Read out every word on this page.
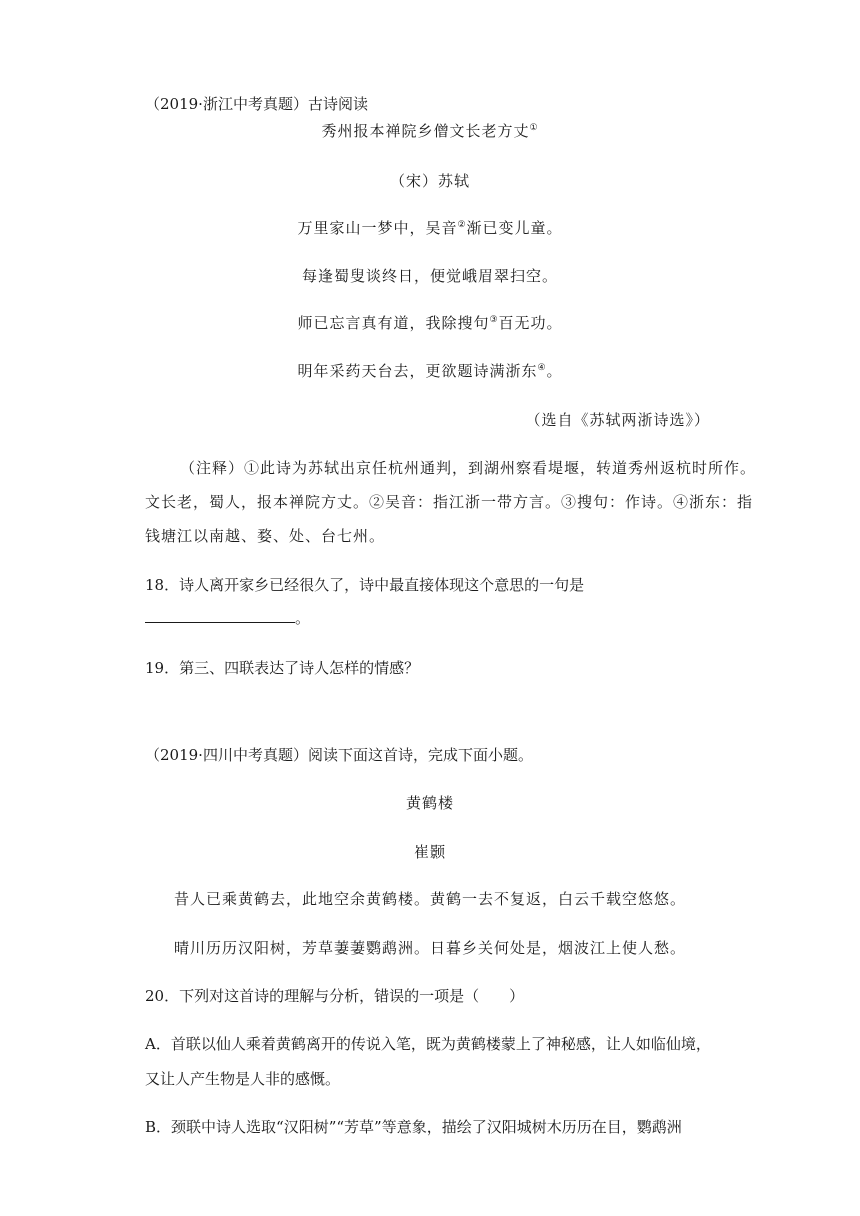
（2019·浙江中考真题）古诗阅读
秀州报本禅院乡僧文长老方丈①
（宋）苏轼
万里家山一梦中，吴音②渐已变儿童。
每逢蜀叟谈终日，便觉峨眉翠扫空。
师已忘言真有道，我除搜句③百无功。
明年采药天台去，更欲题诗满浙东④。
（选自《苏轼两浙诗选》）
（注释）①此诗为苏轼出京任杭州通判，到湖州察看堤堰，转道秀州返杭时所作。
文长老，蜀人，报本禅院方丈。②吴音：指江浙一带方言。③搜句：作诗。④浙东：指
钱塘江以南越、婺、处、台七州。
18．诗人离开家乡已经很久了，诗中最直接体现这个意思的一句是
。
19．第三、四联表达了诗人怎样的情感？
（2019·四川中考真题）阅读下面这首诗，完成下面小题。
黄鹤楼
崔颢
昔人已乘黄鹤去，此地空余黄鹤楼。黄鹤一去不复返，白云千载空悠悠。
晴川历历汉阳树，芳草萋萋鹦鹉洲。日暮乡关何处是，烟波江上使人愁。
20．下列对这首诗的理解与分析，错误的一项是（　　）
A．首联以仙人乘着黄鹤离开的传说入笔，既为黄鹤楼蒙上了神秘感，让人如临仙境，
又让人产生物是人非的感慨。
B．颈联中诗人选取“汉阳树”“芳草”等意象，描绘了汉阳城树木历历在目，鹦鹉洲
